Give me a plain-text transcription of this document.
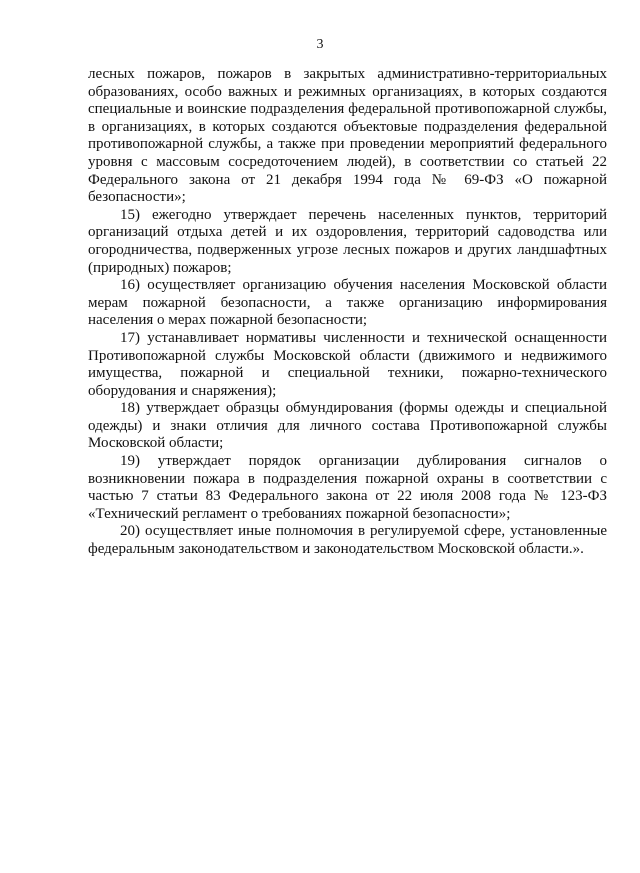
3

лесных пожаров, пожаров в закрытых административно-территориальных образованиях, особо важных и режимных организациях, в которых создаются специальные и воинские подразделения федеральной противопожарной службы, в организациях, в которых создаются объектовые подразделения федеральной противопожарной службы, а также при проведении мероприятий федерального уровня с массовым сосредоточением людей), в соответствии со статьей 22 Федерального закона от 21 декабря 1994 года № 69-ФЗ «О пожарной безопасности»;

15) ежегодно утверждает перечень населенных пунктов, территорий организаций отдыха детей и их оздоровления, территорий садоводства или огородничества, подверженных угрозе лесных пожаров и других ландшафтных (природных) пожаров;

16) осуществляет организацию обучения населения Московской области мерам пожарной безопасности, а также организацию информирования населения о мерах пожарной безопасности;

17) устанавливает нормативы численности и технической оснащенности Противопожарной службы Московской области (движимого и недвижимого имущества, пожарной и специальной техники, пожарно-технического оборудования и снаряжения);

18) утверждает образцы обмундирования (формы одежды и специальной одежды) и знаки отличия для личного состава Противопожарной службы Московской области;

19) утверждает порядок организации дублирования сигналов о возникновении пожара в подразделения пожарной охраны в соответствии с частью 7 статьи 83 Федерального закона от 22 июля 2008 года № 123-ФЗ «Технический регламент о требованиях пожарной безопасности»;

20) осуществляет иные полномочия в регулируемой сфере, установленные федеральным законодательством и законодательством Московской области.».
